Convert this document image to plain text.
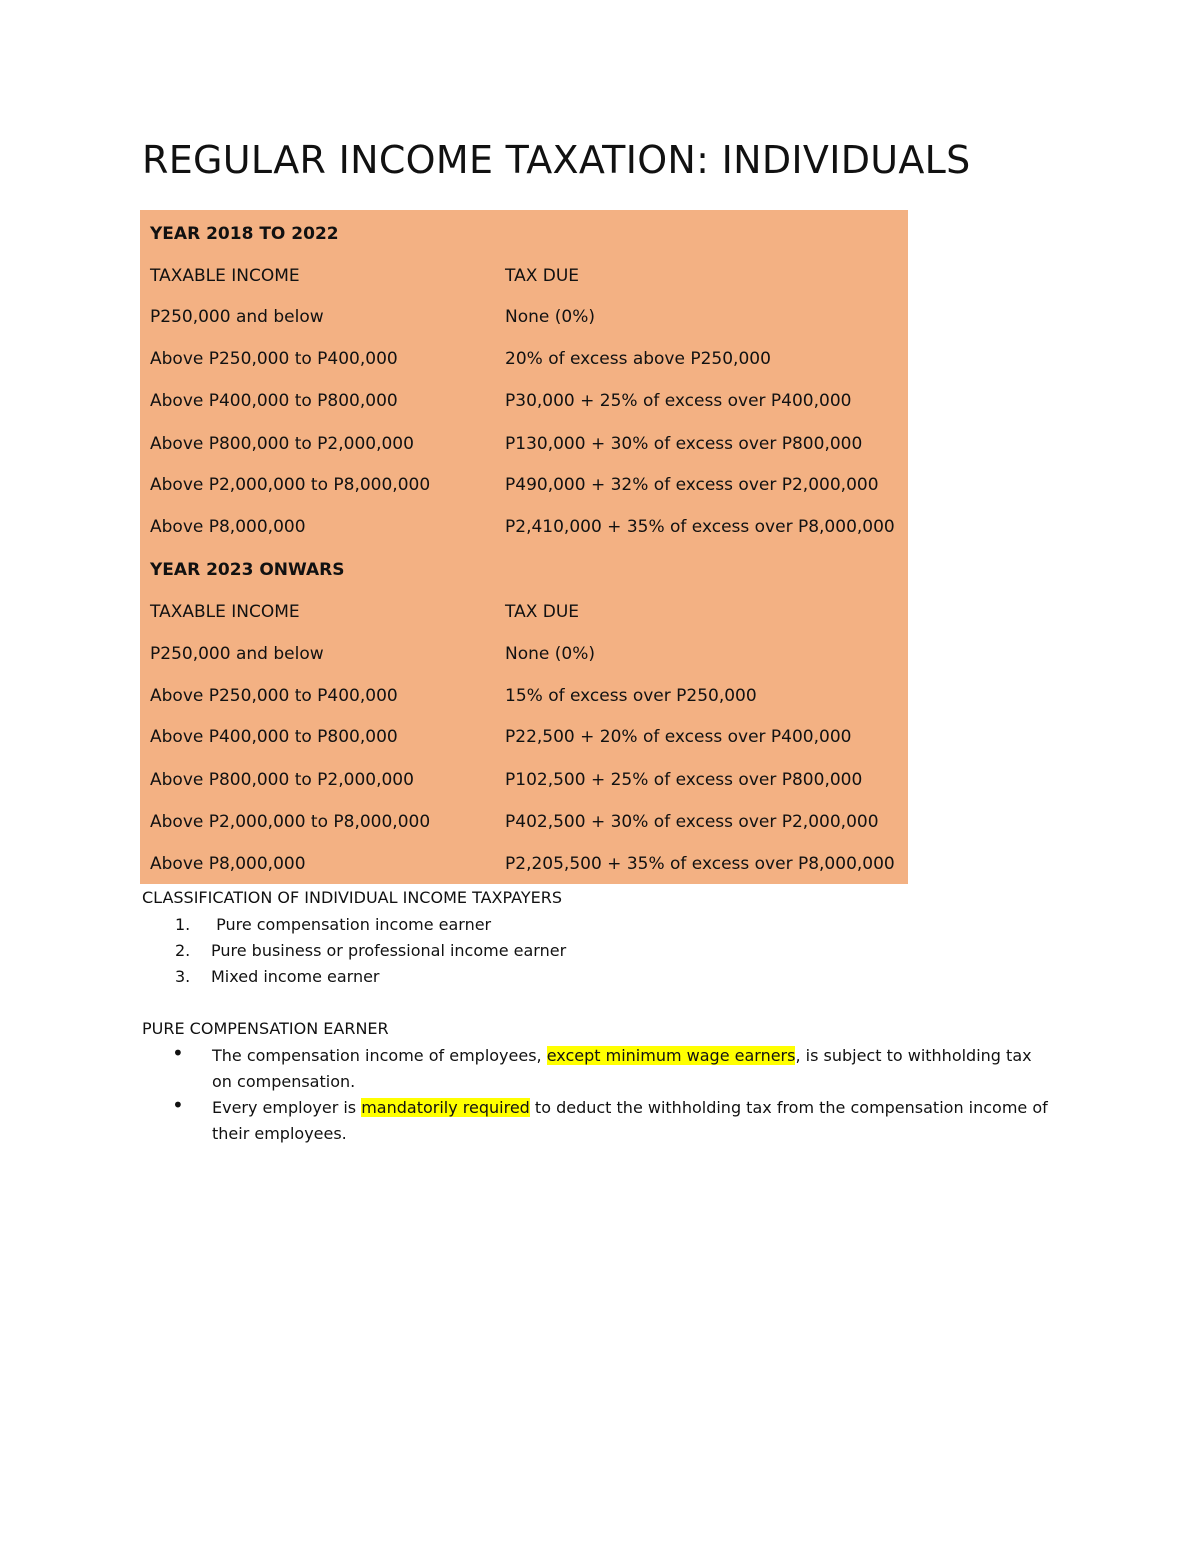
REGULAR INCOME TAXATION: INDIVIDUALS
YEAR 2018 TO 2022
TAXABLE INCOME	TAX DUE
P250,000 and below	None (0%)
Above P250,000 to P400,000	20% of excess above P250,000
Above P400,000 to P800,000	P30,000 + 25% of excess over P400,000
Above P800,000 to P2,000,000	P130,000 + 30% of excess over P800,000
Above P2,000,000 to P8,000,000	P490,000 + 32% of excess over P2,000,000
Above P8,000,000	P2,410,000 + 35% of excess over P8,000,000
YEAR 2023 ONWARS
TAXABLE INCOME	TAX DUE
P250,000 and below	None (0%)
Above P250,000 to P400,000	15% of excess over P250,000
Above P400,000 to P800,000	P22,500 + 20% of excess over P400,000
Above P800,000 to P2,000,000	P102,500 + 25% of excess over P800,000
Above P2,000,000 to P8,000,000	P402,500 + 30% of excess over P2,000,000
Above P8,000,000	P2,205,500 + 35% of excess over P8,000,000
CLASSIFICATION OF INDIVIDUAL INCOME TAXPAYERS
1. Pure compensation income earner
2. Pure business or professional income earner
3. Mixed income earner
PURE COMPENSATION EARNER
• The compensation income of employees, except minimum wage earners, is subject to withholding tax on compensation.
• Every employer is mandatorily required to deduct the withholding tax from the compensation income of their employees.
